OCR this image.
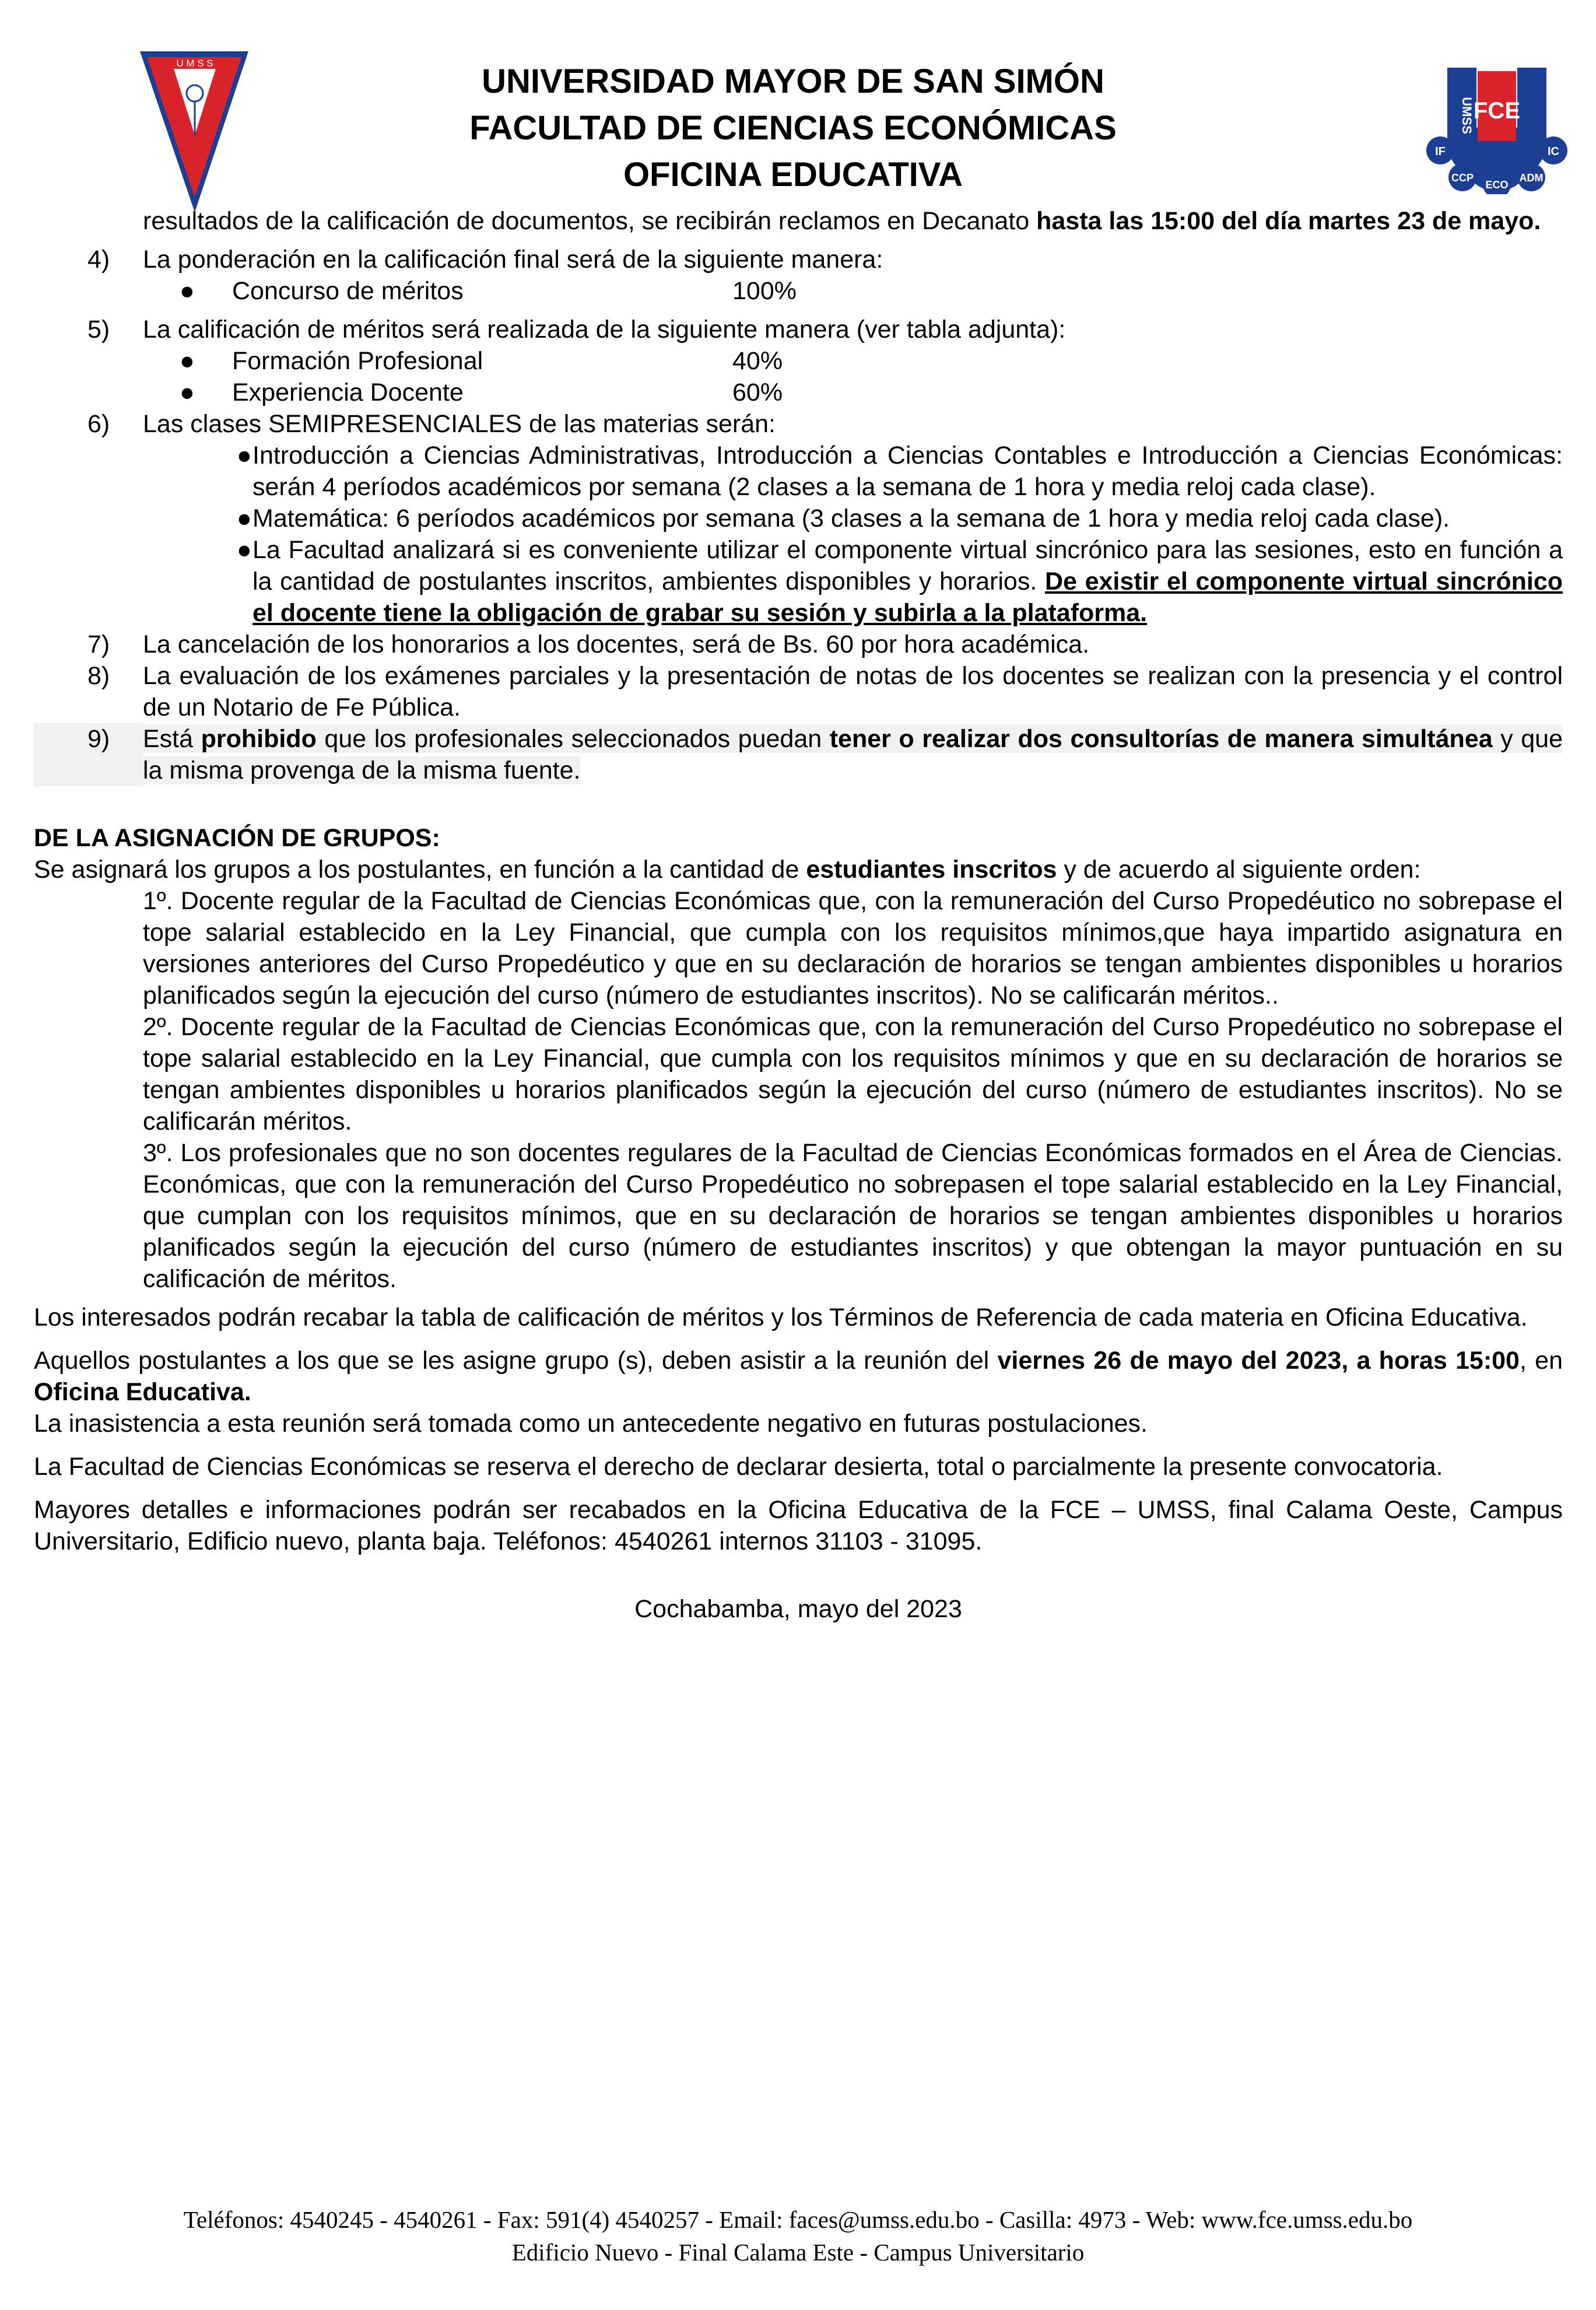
U M S S
FCE
UMSS
IF	IC
CCP
ECO
ADM
UNIVERSIDAD MAYOR DE SAN SIMÓN
FACULTAD DE CIENCIAS ECONÓMICAS
OFICINA EDUCATIVA
resultados de la calificación de documentos, se recibirán reclamos en Decanato hasta las 15:00 del día martes 23 de mayo.
4)	La ponderación en la calificación final será de la siguiente manera:
●	Concurso de méritos	100%
5)	La calificación de méritos será realizada de la siguiente manera (ver tabla adjunta):
●	Formación Profesional	40%
●	Experiencia Docente	60%
6)	Las clases SEMIPRESENCIALES de las materias serán:
● Introducción a Ciencias Administrativas, Introducción a Ciencias Contables e Introducción a Ciencias Económicas: serán 4 períodos académicos por semana (2 clases a la semana de 1 hora y media reloj cada clase).
● Matemática: 6 períodos académicos por semana (3 clases a la semana de 1 hora y media reloj cada clase).
● La Facultad analizará si es conveniente utilizar el componente virtual sincrónico para las sesiones, esto en función a la cantidad de postulantes inscritos, ambientes disponibles y horarios. De existir el componente virtual sincrónico el docente tiene la obligación de grabar su sesión y subirla a la plataforma.
7)	La cancelación de los honorarios a los docentes, será de Bs. 60 por hora académica.
8)	La evaluación de los exámenes parciales y la presentación de notas de los docentes se realizan con la presencia y el control de un Notario de Fe Pública.
9)	Está prohibido que los profesionales seleccionados puedan tener o realizar dos consultorías de manera simultánea y que la misma provenga de la misma fuente.
DE LA ASIGNACIÓN DE GRUPOS:
Se asignará los grupos a los postulantes, en función a la cantidad de estudiantes inscritos y de acuerdo al siguiente orden:
1º. Docente regular de la Facultad de Ciencias Económicas que, con la remuneración del Curso Propedéutico no sobrepase el tope salarial establecido en la Ley Financial, que cumpla con los requisitos mínimos,que haya impartido asignatura en versiones anteriores del Curso Propedéutico y que en su declaración de horarios se tengan ambientes disponibles u horarios planificados según la ejecución del curso (número de estudiantes inscritos). No se calificarán méritos..
2º. Docente regular de la Facultad de Ciencias Económicas que, con la remuneración del Curso Propedéutico no sobrepase el tope salarial establecido en la Ley Financial, que cumpla con los requisitos mínimos y que en su declaración de horarios se tengan ambientes disponibles u horarios planificados según la ejecución del curso (número de estudiantes inscritos). No se calificarán méritos.
3º. Los profesionales que no son docentes regulares de la Facultad de Ciencias Económicas formados en el Área de Ciencias. Económicas, que con la remuneración del Curso Propedéutico no sobrepasen el tope salarial establecido en la Ley Financial, que cumplan con los requisitos mínimos, que en su declaración de horarios se tengan ambientes disponibles u horarios planificados según la ejecución del curso (número de estudiantes inscritos) y que obtengan la mayor puntuación en su calificación de méritos.
Los interesados podrán recabar la tabla de calificación de méritos y los Términos de Referencia de cada materia en Oficina Educativa.
Aquellos postulantes a los que se les asigne grupo (s), deben asistir a la reunión del viernes 26 de mayo del 2023, a horas 15:00, en Oficina Educativa.
La inasistencia a esta reunión será tomada como un antecedente negativo en futuras postulaciones.
La Facultad de Ciencias Económicas se reserva el derecho de declarar desierta, total o parcialmente la presente convocatoria.
Mayores detalles e informaciones podrán ser recabados en la Oficina Educativa de la FCE – UMSS, final Calama Oeste, Campus Universitario, Edificio nuevo, planta baja. Teléfonos: 4540261 internos 31103 - 31095.
Cochabamba, mayo del 2023
Teléfonos: 4540245 - 4540261 - Fax: 591(4) 4540257 - Email: faces@umss.edu.bo - Casilla: 4973 - Web: www.fce.umss.edu.bo
Edificio Nuevo - Final Calama Este - Campus Universitario
